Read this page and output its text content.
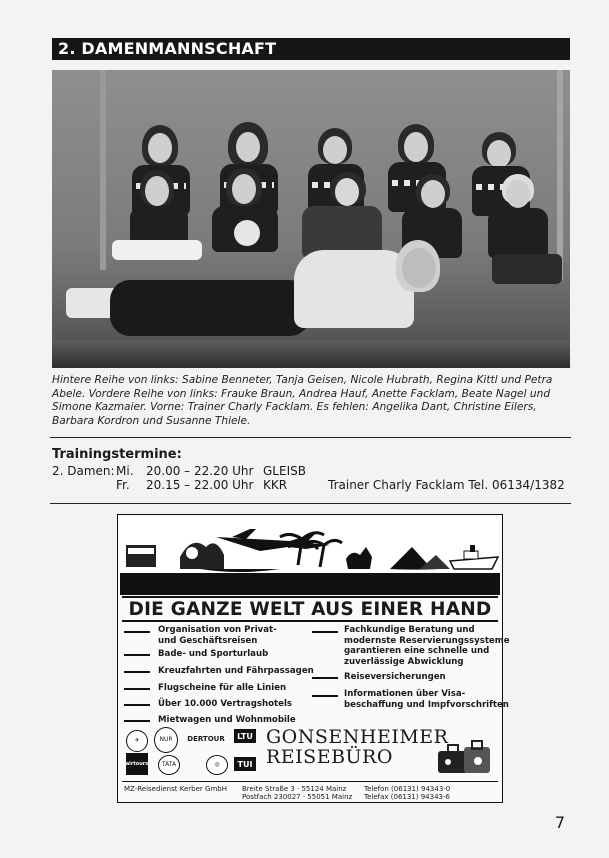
2. DAMENMANNSCHAFT
Hintere Reihe von links: Sabine Benneter, Tanja Geisen, Nicole Hubrath, Regina Kittl und Petra Abele. Vordere Reihe von links: Frauke Braun, Andrea Hauf, Anette Facklam, Beate Nagel und Simone Kazmaier. Vorne: Trainer Charly Facklam. Es fehlen: Angelika Dant, Christine Eilers, Barbara Kordron und Susanne Thiele.
Trainingstermine:
2. Damen: Mi. 20.00 – 22.20 Uhr GLEISB
Fr. 20.15 – 22.00 Uhr KKR	Trainer Charly Facklam Tel. 06134/1382
DIE GANZE WELT AUS EINER HAND
Organisation von Privat-
und Geschäftsreisen
Bade- und Sporturlaub
Kreuzfahrten und Fährpassagen
Flugscheine für alle Linien
Über 10.000 Vertragshotels
Mietwagen und Wohnmobile
Fachkundige Beratung und
modernste Reservierungssysteme
garantieren eine schnelle und
zuverlässige Abwicklung
Reiseversicherungen
Informationen über Visa-
beschaffung und Impfvorschriften
✈	NUR	DERTOUR	LTU
airtours	TATA	◎	TUI
GONSENHEIMER
REISEBÜRO
MZ-Reisedienst Kerber GmbH Breite Straße 3 · 55124 Mainz
Postfach 230027 · 55051 Mainz
Telefon (06131) 94343-0
Telefax (06131) 94343-6
7
